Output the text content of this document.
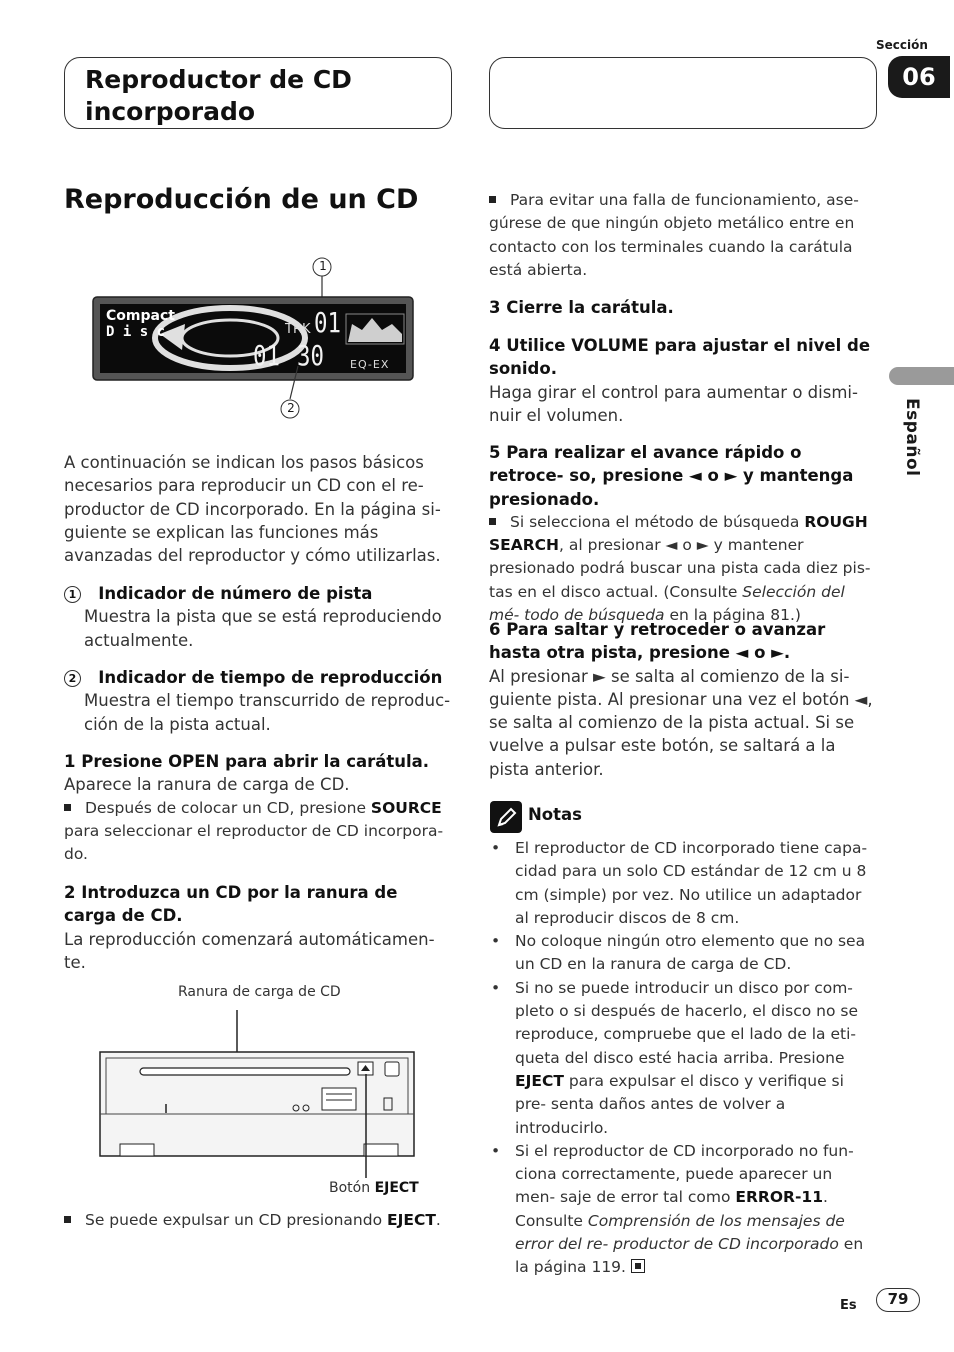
Reproductor de CD incorporado
Sección
06
Español
Reproducción de un CD
1
2
Compact
D i s c	TRK 01
01 30 EQ-EX
A continuación se indican los pasos básicos necesarios para reproducir un CD con el re- productor de CD incorporado. En la página si- guiente se explican las funciones más avanzadas del reproductor y cómo utilizarlas.
1 Indicador de número de pista
Muestra la pista que se está reproduciendo actualmente.
2 Indicador de tiempo de reproducción
Muestra el tiempo transcurrido de reproduc- ción de la pista actual.
1 Presione OPEN para abrir la carátula.
Aparece la ranura de carga de CD.
Después de colocar un CD, presione SOURCE para seleccionar el reproductor de CD incorpora- do.
2 Introduzca un CD por la ranura de carga de CD.
La reproducción comenzará automáticamen- te.
Ranura de carga de CD
Botón EJECT
Se puede expulsar un CD presionando EJECT.
Para evitar una falla de funcionamiento, ase- gúrese de que ningún objeto metálico entre en contacto con los terminales cuando la carátula está abierta.
3 Cierre la carátula.
4 Utilice VOLUME para ajustar el nivel de sonido.
Haga girar el control para aumentar o dismi- nuir el volumen.
5 Para realizar el avance rápido o retroce- so, presione ◄ o ► y mantenga presionado.
Si selecciona el método de búsqueda ROUGH SEARCH, al presionar ◄ o ► y mantener presionado podrá buscar una pista cada diez pis- tas en el disco actual. (Consulte Selección del mé- todo de búsqueda en la página 81.)
6 Para saltar y retroceder o avanzar hasta otra pista, presione ◄ o ►.
Al presionar ► se salta al comienzo de la si- guiente pista. Al presionar una vez el botón ◄, se salta al comienzo de la pista actual. Si se vuelve a pulsar este botón, se saltará a la pista anterior.
Notas
• El reproductor de CD incorporado tiene capa- cidad para un solo CD estándar de 12 cm u 8 cm (simple) por vez. No utilice un adaptador al reproducir discos de 8 cm.
• No coloque ningún otro elemento que no sea un CD en la ranura de carga de CD.
• Si no se puede introducir un disco por com- pleto o si después de hacerlo, el disco no se reproduce, compruebe que el lado de la eti- queta del disco esté hacia arriba. Presione EJECT para expulsar el disco y verifique si pre- senta daños antes de volver a introducirlo.
• Si el reproductor de CD incorporado no fun- ciona correctamente, puede aparecer un men- saje de error tal como ERROR-11. Consulte Comprensión de los mensajes de error del re- productor de CD incorporado en la página 119.
Es	79
